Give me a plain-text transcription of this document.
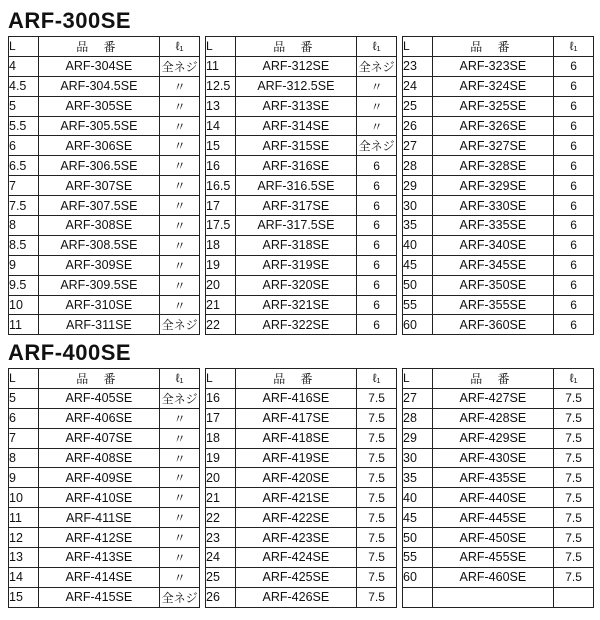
ARF-300SE
L	品 番	ℓ₁
4	ARF-304SE	全ネジ
4.5	ARF-304.5SE	〃
5	ARF-305SE	〃
5.5	ARF-305.5SE	〃
6	ARF-306SE	〃
6.5	ARF-306.5SE	〃
7	ARF-307SE	〃
7.5	ARF-307.5SE	〃
8	ARF-308SE	〃
8.5	ARF-308.5SE	〃
9	ARF-309SE	〃
9.5	ARF-309.5SE	〃
10	ARF-310SE	〃
11	ARF-311SE	全ネジ
L	品 番	ℓ₁
11	ARF-312SE	全ネジ
12.5	ARF-312.5SE	〃
13	ARF-313SE	〃
14	ARF-314SE	〃
15	ARF-315SE	全ネジ
16	ARF-316SE	6
16.5	ARF-316.5SE	6
17	ARF-317SE	6
17.5	ARF-317.5SE	6
18	ARF-318SE	6
19	ARF-319SE	6
20	ARF-320SE	6
21	ARF-321SE	6
22	ARF-322SE	6
L	品 番	ℓ₁
23	ARF-323SE	6
24	ARF-324SE	6
25	ARF-325SE	6
26	ARF-326SE	6
27	ARF-327SE	6
28	ARF-328SE	6
29	ARF-329SE	6
30	ARF-330SE	6
35	ARF-335SE	6
40	ARF-340SE	6
45	ARF-345SE	6
50	ARF-350SE	6
55	ARF-355SE	6
60	ARF-360SE	6
ARF-400SE
L	品 番	ℓ₁
5	ARF-405SE	全ネジ
6	ARF-406SE	〃
7	ARF-407SE	〃
8	ARF-408SE	〃
9	ARF-409SE	〃
10	ARF-410SE	〃
11	ARF-411SE	〃
12	ARF-412SE	〃
13	ARF-413SE	〃
14	ARF-414SE	〃
15	ARF-415SE	全ネジ
L	品 番	ℓ₁
16	ARF-416SE	7.5
17	ARF-417SE	7.5
18	ARF-418SE	7.5
19	ARF-419SE	7.5
20	ARF-420SE	7.5
21	ARF-421SE	7.5
22	ARF-422SE	7.5
23	ARF-423SE	7.5
24	ARF-424SE	7.5
25	ARF-425SE	7.5
26	ARF-426SE	7.5
L	品 番	ℓ₁
27	ARF-427SE	7.5
28	ARF-428SE	7.5
29	ARF-429SE	7.5
30	ARF-430SE	7.5
35	ARF-435SE	7.5
40	ARF-440SE	7.5
45	ARF-445SE	7.5
50	ARF-450SE	7.5
55	ARF-455SE	7.5
60	ARF-460SE	7.5
